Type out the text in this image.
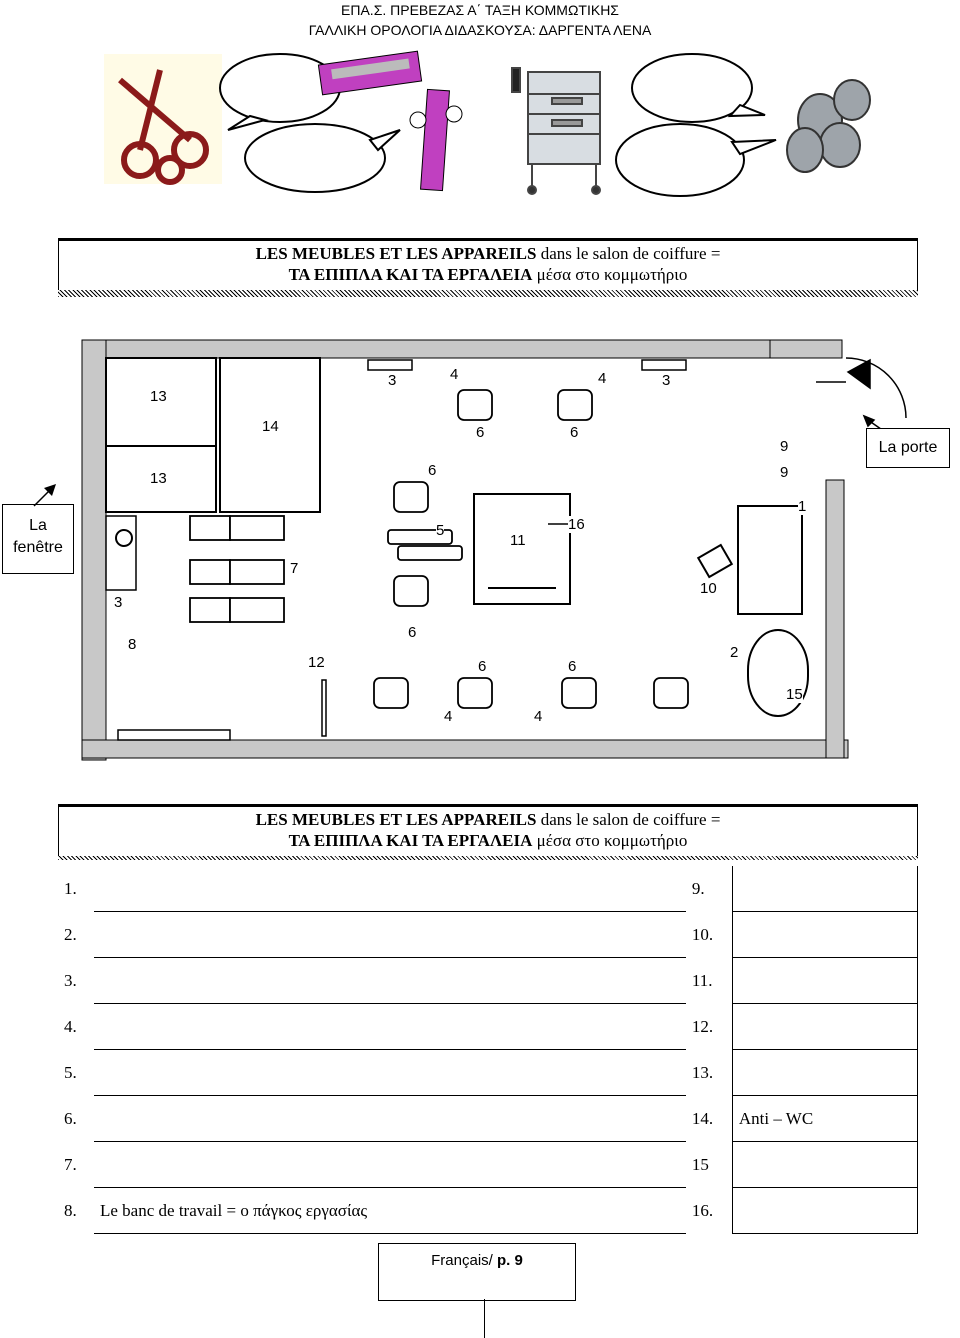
ΕΠΑ.Σ. ΠΡΕΒΕΖΑΣ Α΄ ΤΑΞΗ ΚΟΜΜΩΤΙΚΗΣ
ΓΑΛΛΙΚΗ ΟΡΟΛΟΓΙΑ ΔΙΔΑΣΚΟΥΣΑ: ΔΑΡΓΕΝΤΑ ΛΕΝΑ
LES MEUBLES ET LES APPAREILS dans le salon de coiffure =
ΤΑ ΕΠΙΠΛΑ ΚΑΙ ΤΑ ΕΡΓΑΛΕΙΑ μέσα στο κομμωτήριο
13
14
13
3	4	4	3
6	6
9
9
6
5
11
16
1
10
7
3
8
6
12
2
6	6
15
4	4
La porte
La
fenêtre
LES MEUBLES ET LES APPAREILS dans le salon de coiffure =
ΤΑ ΕΠΙΠΛΑ ΚΑΙ ΤΑ ΕΡΓΑΛΕΙΑ μέσα στο κομμωτήριο
1.		9.	
2.		10.	
3.		11.	
4.		12.	
5.		13.	
6.		14.	Anti – WC
7.		15	
8.	Le banc de travail = ο πάγκος εργασίας	16.	
Français/ p. 9
